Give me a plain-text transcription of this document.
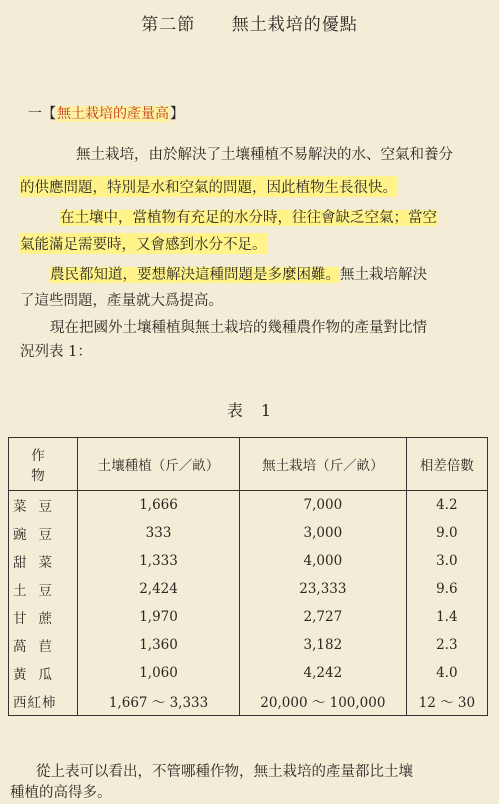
第二節 無土栽培的優點
一【無土栽培的產量高】
無土栽培，由於解決了土壤種植不易解決的水、空氣和養分
的供應問題，特別是水和空氣的問題，因此植物生長很快。
在土壤中，當植物有充足的水分時，往往會缺乏空氣；當空
氣能滿足需要時，又會感到水分不足。
農民都知道，要想解決這種問題是多麼困難。無土栽培解決
了這些問題，產量就大爲提高。
現在把國外土壤種植與無土栽培的幾種農作物的產量對比情
況列表 1：
表　1
作　物	土壤種植（斤／畝）	無土栽培（斤／畝）	相差倍數
菜豆	1,666	7,000	4.2
豌豆	333	3,000	9.0
甜菜	1,333	4,000	3.0
土豆	2,424	23,333	9.6
甘蔗	1,970	2,727	1.4
萵苣	1,360	3,182	2.3
黃瓜	1,060	4,242	4.0
西紅柿	1,667 ～ 3,333	20,000 ～ 100,000	12 ～ 30
從上表可以看出，不管哪種作物，無土栽培的產量都比土壤
種植的高得多。
